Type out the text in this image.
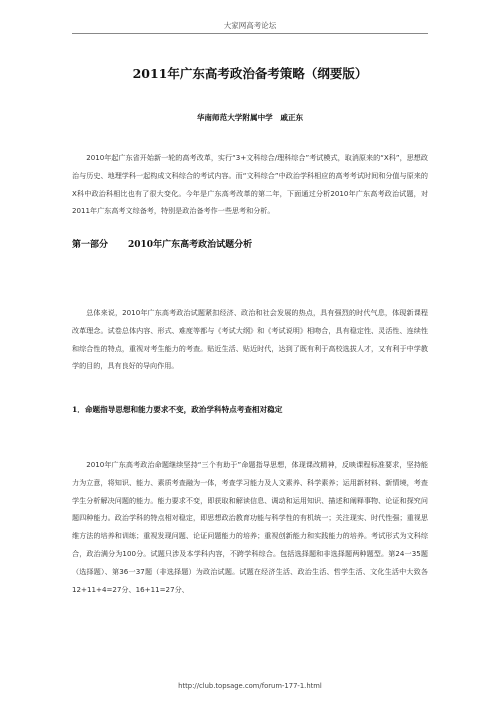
大家网高考论坛
2011年广东高考政治备考策略（纲要版）
华南师范大学附属中学　戚正东
2010年起广东省开始新一轮的高考改革，实行“3+文科综合/理科综合”考试模式，取消原来的“X科”，思想政治与历史、地理学科一起构成文科综合的考试内容。而“文科综合”中政治学科相应的高考考试时间和分值与原来的X科中政治科相比也有了很大变化。今年是广东高考改革的第二年，下面通过分析2010年广东高考政治试题，对2011年广东高考文综备考，特别是政治备考作一些思考和分析。
第一部分 2010年广东高考政治试题分析
总体来说，2010年广东高考政治试题紧扣经济、政治和社会发展的热点，具有强烈的时代气息，体现新课程改革理念。试卷总体内容、形式、难度等都与《考试大纲》和《考试说明》相吻合，具有稳定性、灵活性、连续性和综合性的特点，重视对考生能力的考查。贴近生活、贴近时代，达到了既有利于高校选拔人才，又有利于中学教学的目的，具有良好的导向作用。
1．命题指导思想和能力要求不变，政治学科特点考查相对稳定
2010年广东高考政治命题继续坚持“三个有助于”命题指导思想，体现课改精神，反映课程标准要求，坚持能力为立意，将知识、能力、素质考查融为一体，考查学习能力及人文素养、科学素养；运用新材料、新情境，考查学生分析解决问题的能力。能力要求不变，即获取和解读信息、调动和运用知识、描述和阐释事物、论证和探究问题四种能力。政治学科的特点相对稳定，即思想政治教育功能与科学性的有机统一；关注现实、时代性强；重视思维方法的培养和训练；重视发现问题、论证问题能力的培养；重视创新能力和实践能力的培养。考试形式为文科综合，政治满分为100分。试题只涉及本学科内容，不跨学科综合。包括选择题和非选择题两种题型。第24一35题（选择题）、第36一37题（非选择题）为政治试题。试题在经济生活、政治生活、哲学生活、文化生活中大致各12+11+4=27分、16+11=27分、
http://club.topsage.com/forum-177-1.html
